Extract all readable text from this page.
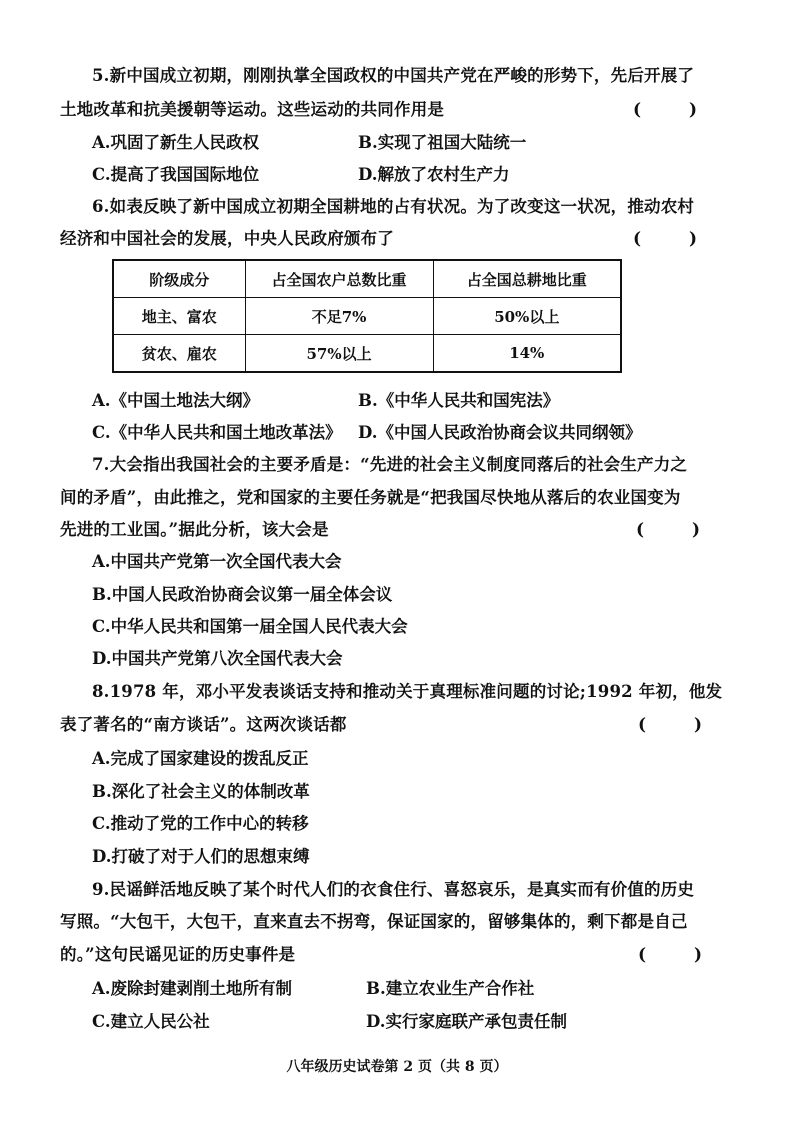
5.新中国成立初期，刚刚执掌全国政权的中国共产党在严峻的形势下，先后开展了
土地改革和抗美援朝等运动。这些运动的共同作用是	(	)
A.巩固了新生人民政权	B.实现了祖国大陆统一
C.提高了我国国际地位	D.解放了农村生产力
6.如表反映了新中国成立初期全国耕地的占有状况。为了改变这一状况，推动农村
经济和中国社会的发展，中央人民政府颁布了	(	)
阶级成分	占全国农户总数比重	占全国总耕地比重
地主、富农	不足7%	50%以上
贫农、雇农	57%以上	14%
A.《中国土地法大纲》	B.《中华人民共和国宪法》
C.《中华人民共和国土地改革法》 D.《中国人民政治协商会议共同纲领》
7.大会指出我国社会的主要矛盾是：“先进的社会主义制度同落后的社会生产力之
间的矛盾”，由此推之，党和国家的主要任务就是“把我国尽快地从落后的农业国变为
先进的工业国。”据此分析，该大会是	(	)
A.中国共产党第一次全国代表大会
B.中国人民政治协商会议第一届全体会议
C.中华人民共和国第一届全国人民代表大会
D.中国共产党第八次全国代表大会
8.1978 年，邓小平发表谈话支持和推动关于真理标准问题的讨论;1992 年初，他发
表了著名的“南方谈话”。这两次谈话都	(	)
A.完成了国家建设的拨乱反正
B.深化了社会主义的体制改革
C.推动了党的工作中心的转移
D.打破了对于人们的思想束缚
9.民谣鲜活地反映了某个时代人们的衣食住行、喜怒哀乐，是真实而有价值的历史
写照。“大包干，大包干，直来直去不拐弯，保证国家的，留够集体的，剩下都是自己
的。”这句民谣见证的历史事件是	(	)
A.废除封建剥削土地所有制	B.建立农业生产合作社
C.建立人民公社	D.实行家庭联产承包责任制
八年级历史试卷第 2 页（共 8 页）
